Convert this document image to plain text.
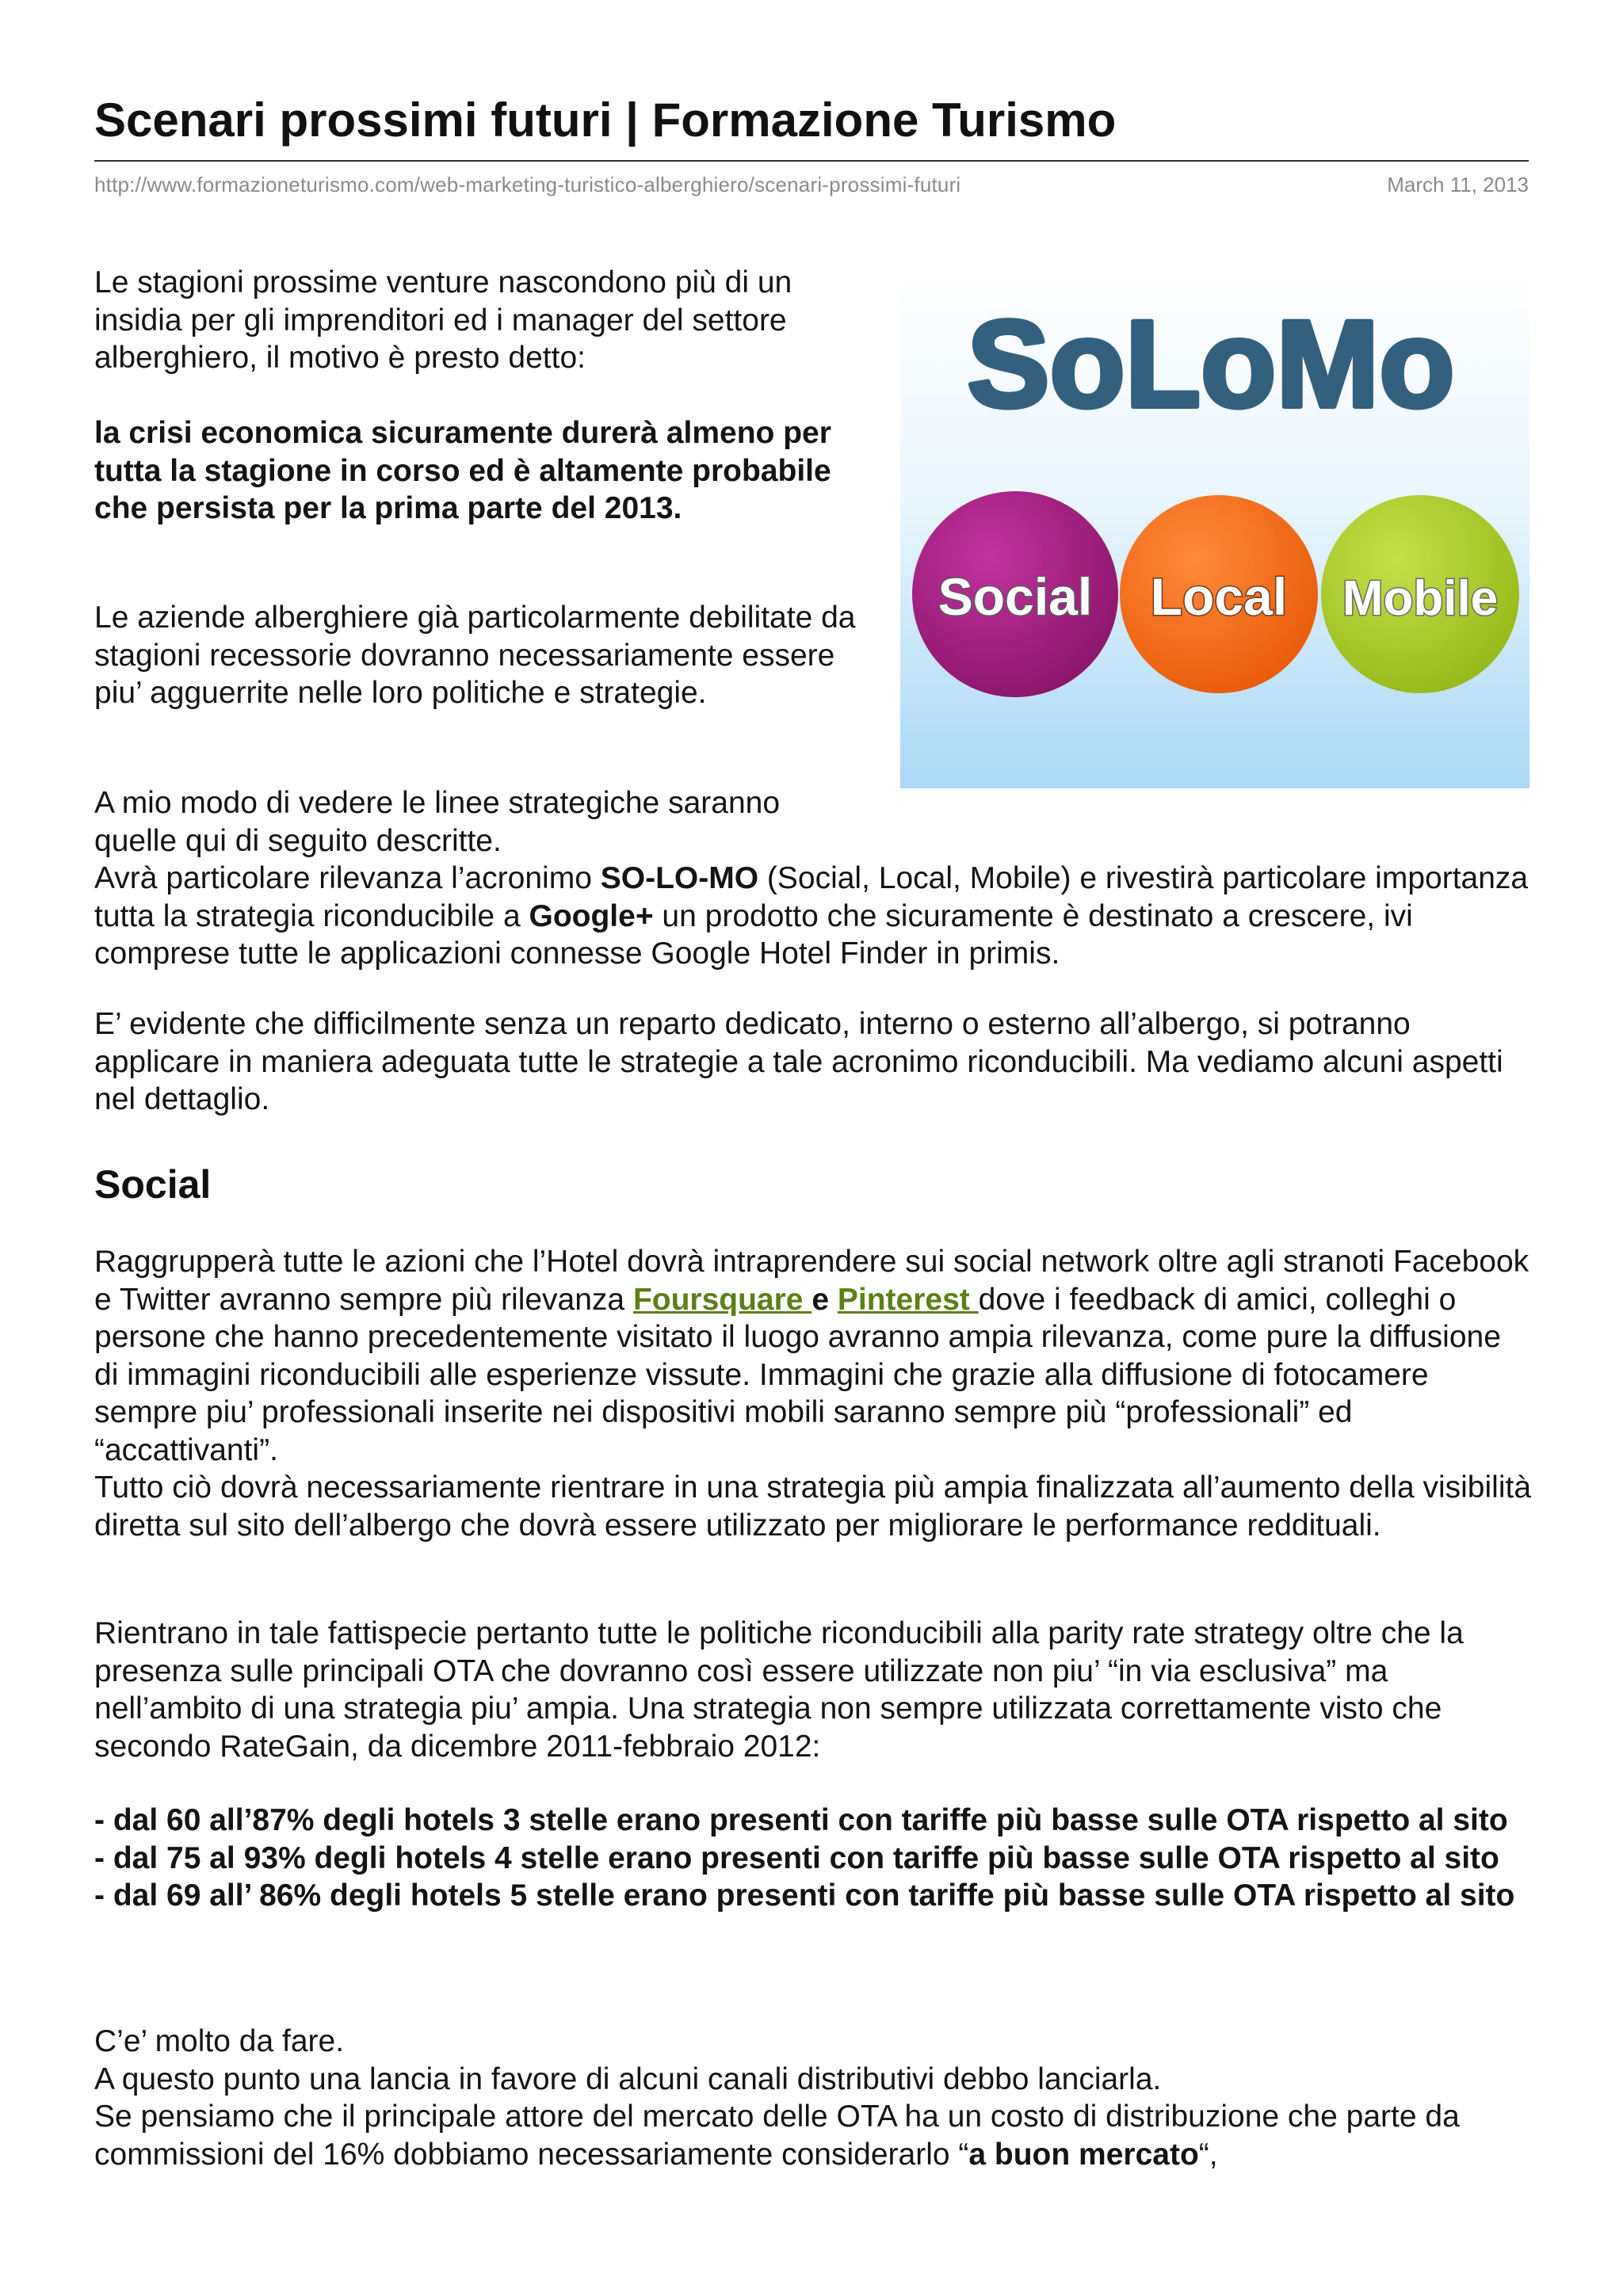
Scenari prossimi futuri | Formazione Turismo
http://www.formazioneturismo.com/web-marketing-turistico-alberghiero/scenari-prossimi-futuri	March 11, 2013

Le stagioni prossime venture nascondono più di un insidia per gli imprenditori ed i manager del settore alberghiero, il motivo è presto detto:

la crisi economica sicuramente durerà almeno per tutta la stagione in corso ed è altamente probabile che persista per la prima parte del 2013.

Le aziende alberghiere già particolarmente debilitate da stagioni recessorie dovranno necessariamente essere piu’ agguerrite nelle loro politiche e strategie.

A mio modo di vedere le linee strategiche saranno
quelle qui di seguito descritte.
Avrà particolare rilevanza l’acronimo SO-LO-MO (Social, Local, Mobile) e rivestirà particolare importanza tutta la strategia riconducibile a Google+ un prodotto che sicuramente è destinato a crescere, ivi comprese tutte le applicazioni connesse Google Hotel Finder in primis.

E’ evidente che difficilmente senza un reparto dedicato, interno o esterno all’albergo, si potranno applicare in maniera adeguata tutte le strategie a tale acronimo riconducibili. Ma vediamo alcuni aspetti nel dettaglio.

Social

Raggrupperà tutte le azioni che l’Hotel dovrà intraprendere sui social network oltre agli stranoti Facebook e Twitter avranno sempre più rilevanza Foursquare e Pinterest dove i feedback di amici, colleghi o persone che hanno precedentemente visitato il luogo avranno ampia rilevanza, come pure la diffusione di immagini riconducibili alle esperienze vissute. Immagini che grazie alla diffusione di fotocamere sempre piu’ professionali inserite nei dispositivi mobili saranno sempre più “professionali” ed “accattivanti”.
Tutto ciò dovrà necessariamente rientrare in una strategia più ampia finalizzata all’aumento della visibilità diretta sul sito dell’albergo che dovrà essere utilizzato per migliorare le performance reddituali.

Rientrano in tale fattispecie pertanto tutte le politiche riconducibili alla parity rate strategy oltre che la presenza sulle principali OTA che dovranno così essere utilizzate non piu’ “in via esclusiva” ma nell’ambito di una strategia piu’ ampia. Una strategia non sempre utilizzata correttamente visto che secondo RateGain, da dicembre 2011-febbraio 2012:

- dal 60 all’87% degli hotels 3 stelle erano presenti con tariffe più basse sulle OTA rispetto al sito
- dal 75 al 93% degli hotels 4 stelle erano presenti con tariffe più basse sulle OTA rispetto al sito
- dal 69 all’ 86% degli hotels 5 stelle erano presenti con tariffe più basse sulle OTA rispetto al sito

C’e’ molto da fare.
A questo punto una lancia in favore di alcuni canali distributivi debbo lanciarla.
Se pensiamo che il principale attore del mercato delle OTA ha un costo di distribuzione che parte da commissioni del 16% dobbiamo necessariamente considerarlo “a buon mercato“,

SoLoMo
Social Local Mobile
